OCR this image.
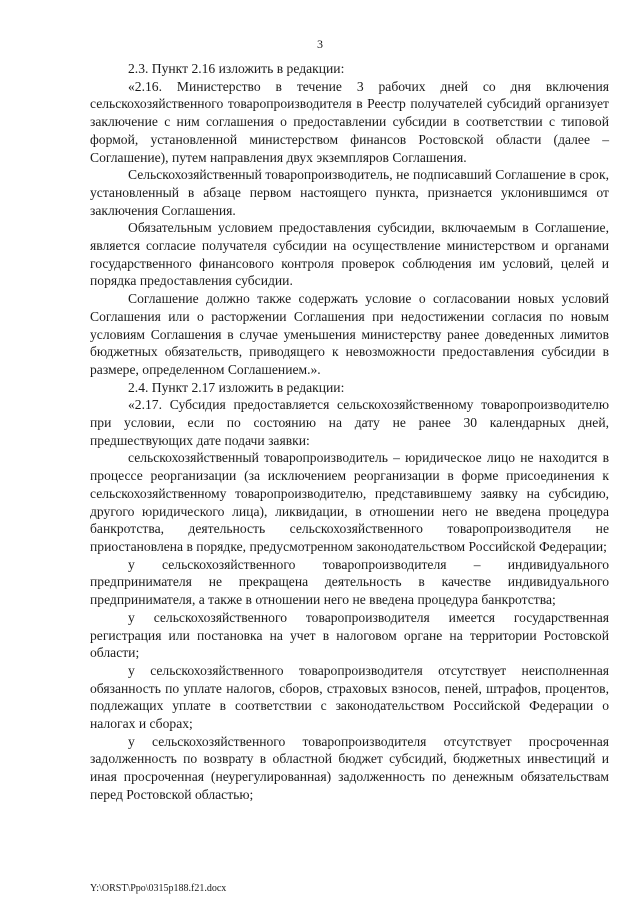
3

2.3. Пункт 2.16 изложить в редакции:

«2.16. Министерство в течение 3 рабочих дней со дня включения сельскохозяйственного товаропроизводителя в Реестр получателей субсидий организует заключение с ним соглашения о предоставлении субсидии в соответствии с типовой формой, установленной министерством финансов Ростовской области (далее – Соглашение), путем направления двух экземпляров Соглашения.

Сельскохозяйственный товаропроизводитель, не подписавший Соглашение в срок, установленный в абзаце первом настоящего пункта, признается уклонившимся от заключения Соглашения.

Обязательным условием предоставления субсидии, включаемым в Соглашение, является согласие получателя субсидии на осуществление министерством и органами государственного финансового контроля проверок соблюдения им условий, целей и порядка предоставления субсидии.

Соглашение должно также содержать условие о согласовании новых условий Соглашения или о расторжении Соглашения при недостижении согласия по новым условиям Соглашения в случае уменьшения министерству ранее доведенных лимитов бюджетных обязательств, приводящего к невозможности предоставления субсидии в размере, определенном Соглашением.».

2.4. Пункт 2.17 изложить в редакции:

«2.17. Субсидия предоставляется сельскохозяйственному товаропроизводителю при условии, если по состоянию на дату не ранее 30 календарных дней, предшествующих дате подачи заявки:

сельскохозяйственный товаропроизводитель – юридическое лицо не находится в процессе реорганизации (за исключением реорганизации в форме присоединения к сельскохозяйственному товаропроизводителю, представившему заявку на субсидию, другого юридического лица), ликвидации, в отношении него не введена процедура банкротства, деятельность сельскохозяйственного товаропроизводителя не приостановлена в порядке, предусмотренном законодательством Российской Федерации;

у сельскохозяйственного товаропроизводителя – индивидуального предпринимателя не прекращена деятельность в качестве индивидуального предпринимателя, а также в отношении него не введена процедура банкротства;

у сельскохозяйственного товаропроизводителя имеется государственная регистрация или постановка на учет в налоговом органе на территории Ростовской области;

у сельскохозяйственного товаропроизводителя отсутствует неисполненная обязанность по уплате налогов, сборов, страховых взносов, пеней, штрафов, процентов, подлежащих уплате в соответствии с законодательством Российской Федерации о налогах и сборах;

у сельскохозяйственного товаропроизводителя отсутствует просроченная задолженность по возврату в областной бюджет субсидий, бюджетных инвестиций и иная просроченная (неурегулированная) задолженность по денежным обязательствам перед Ростовской областью;

Y:\ORST\Ppo\0315p188.f21.docx
